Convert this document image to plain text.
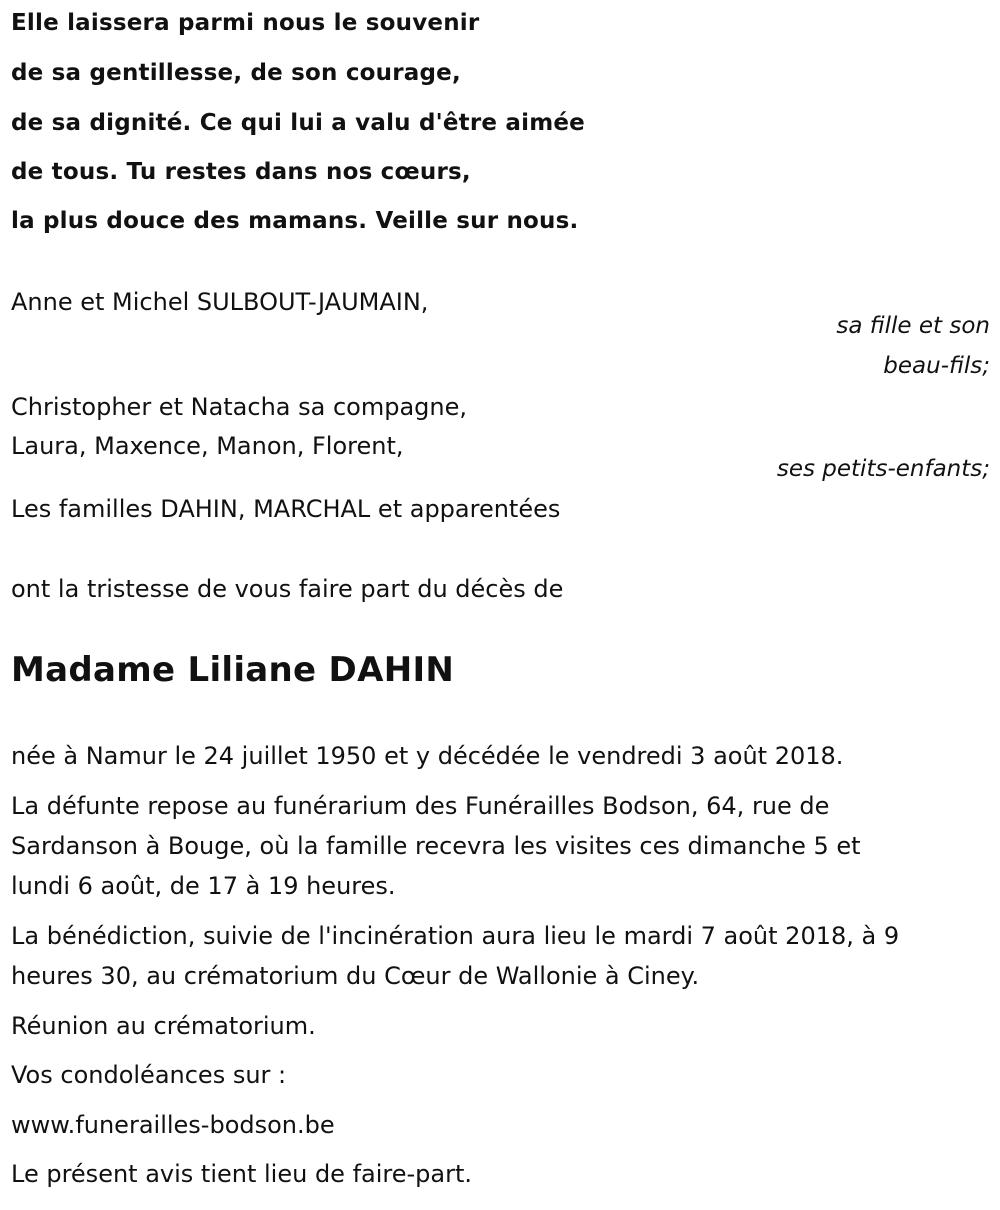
Elle laissera parmi nous le souvenir

de sa gentillesse, de son courage,

de sa dignité. Ce qui lui a valu d'être aimée

de tous. Tu restes dans nos cœurs,

la plus douce des mamans. Veille sur nous.

Anne et Michel SULBOUT-JAUMAIN,

sa fille et son

beau-fils;

Christopher et Natacha sa compagne,

Laura, Maxence, Manon, Florent,

ses petits-enfants;

Les familles DAHIN, MARCHAL et apparentées

ont la tristesse de vous faire part du décès de

Madame Liliane DAHIN

née à Namur le 24 juillet 1950 et y décédée le vendredi 3 août 2018.

La défunte repose au funérarium des Funérailles Bodson, 64, rue de

Sardanson à Bouge, où la famille recevra les visites ces dimanche 5 et

lundi 6 août, de 17 à 19 heures.

La bénédiction, suivie de l'incinération aura lieu le mardi 7 août 2018, à 9

heures 30, au crématorium du Cœur de Wallonie à Ciney.

Réunion au crématorium.

Vos condoléances sur :

www.funerailles-bodson.be

Le présent avis tient lieu de faire-part.
